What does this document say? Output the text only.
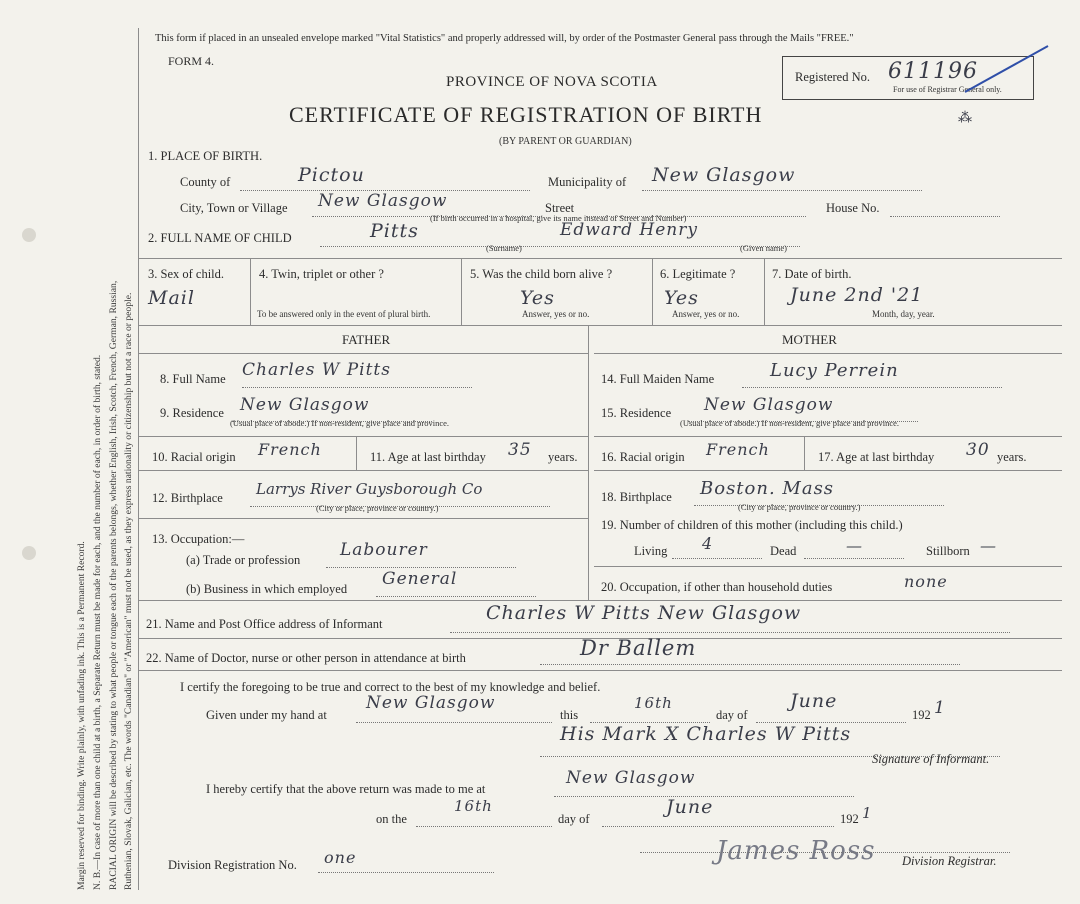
Margin reserved for binding. Write plainly, with unfading ink. This is a Permanent Record. N. B.—In case of more than one child at a birth, a Separate Return must be made for each, and the number of each, in order of birth, stated. RACIAL ORIGIN will be described by stating to what people or tongue each of the parents belongs, whether English, Irish, Scotch, French, German, Russian, Ruthenian, Slovak, Galician, etc. The words "Canadian" or "American" must not be used, as they express nationality or citizenship but not a race or people.
This form if placed in an unsealed envelope marked "Vital Statistics" and properly addressed will, by order of the Postmaster General pass through the Mails "FREE."
FORM 4.
PROVINCE OF NOVA SCOTIA
CERTIFICATE OF REGISTRATION OF BIRTH
(BY PARENT OR GUARDIAN)
Registered No. 611196
For use of Registrar General only.
⁂
1. PLACE OF BIRTH.
County of	Pictou	Municipality of New Glasgow
City, Town or Village New Glasgow	Street	House No.
(If birth occurred in a hospital, give its name instead of Street and Number)
2. FULL NAME OF CHILD	Pitts
(Surname)
Edward Henry
(Given name)
3. Sex of child.
Mail
4. Twin, triplet or other ?
To be answered only in the event of plural birth.
5. Was the child born alive ?
Yes
Answer, yes or no.
6. Legitimate ?
Yes
Answer, yes or no.
7. Date of birth.
June 2nd '21
Month, day, year.
FATHER	MOTHER
8. Full Name Charles W Pitts
9. Residence New Glasgow
(Usual place of abode.) If non-resident, give place and province.
10. Racial origin French	11. Age at last birthday 35 years.
12. Birthplace Larrys River Guysborough Co
(City or place, province or country.)
13. Occupation:—
(a) Trade or profession Labourer
(b) Business in which employed General
14. Full Maiden Name	Lucy Perrein
15. Residence New Glasgow
(Usual place of abode.) If non-resident, give place and province.
16. Racial origin French	17. Age at last birthday 30 years.
18. Birthplace Boston. Mass
(City or place, province or country.)
19. Number of children of this mother (including this child.)
Living 4	Dead	—	Stillborn —
20. Occupation, if other than household duties	none
21. Name and Post Office address of Informant	Charles W Pitts New Glasgow
22. Name of Doctor, nurse or other person in attendance at birth	Dr Ballem
I certify the foregoing to be true and correct to the best of my knowledge and belief.
Given under my hand at
New Glasgow
this
16th
day of
June
192 1
His Mark X Charles W Pitts
Signature of Informant.
I hereby certify that the above return was made to me at
New Glasgow
on the
16th
day of
June
192 1
James Ross
Division Registration No. one	Division Registrar.
